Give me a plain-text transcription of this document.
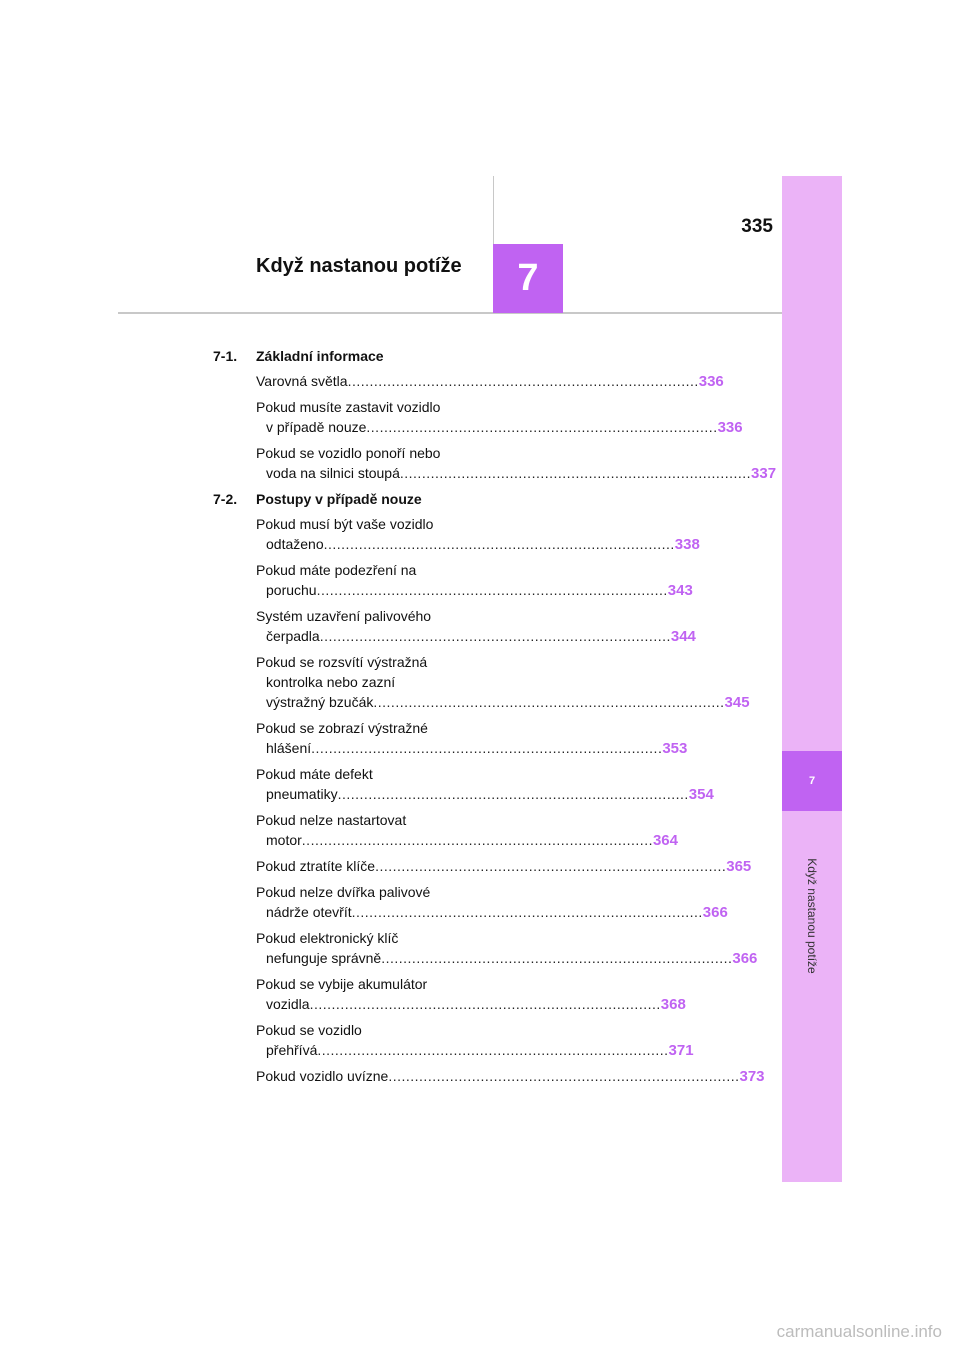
335
Když nastanou potíže	7
7
Když nastanou potíže
7-1.	Základní informace
Varovná světla ................................................................................ 336
Pokud musíte zastavit vozidlo
v případě nouze ................................................................................ 336
Pokud se vozidlo ponoří nebo
voda na silnici stoupá ................................................................................ 337
7-2.	Postupy v případě nouze
Pokud musí být vaše vozidlo
odtaženo ................................................................................ 338
Pokud máte podezření na
poruchu ................................................................................ 343
Systém uzavření palivového
čerpadla ................................................................................ 344
Pokud se rozsvítí výstražná
kontrolka nebo zazní
výstražný bzučák ................................................................................ 345
Pokud se zobrazí výstražné
hlášení ................................................................................ 353
Pokud máte defekt
pneumatiky ................................................................................ 354
Pokud nelze nastartovat
motor ................................................................................ 364
Pokud ztratíte klíče ................................................................................ 365
Pokud nelze dvířka palivové
nádrže otevřít ................................................................................ 366
Pokud elektronický klíč
nefunguje správně ................................................................................ 366
Pokud se vybije akumulátor
vozidla ................................................................................ 368
Pokud se vozidlo
přehřívá ................................................................................ 371
Pokud vozidlo uvízne ................................................................................ 373
carmanualsonline.info
